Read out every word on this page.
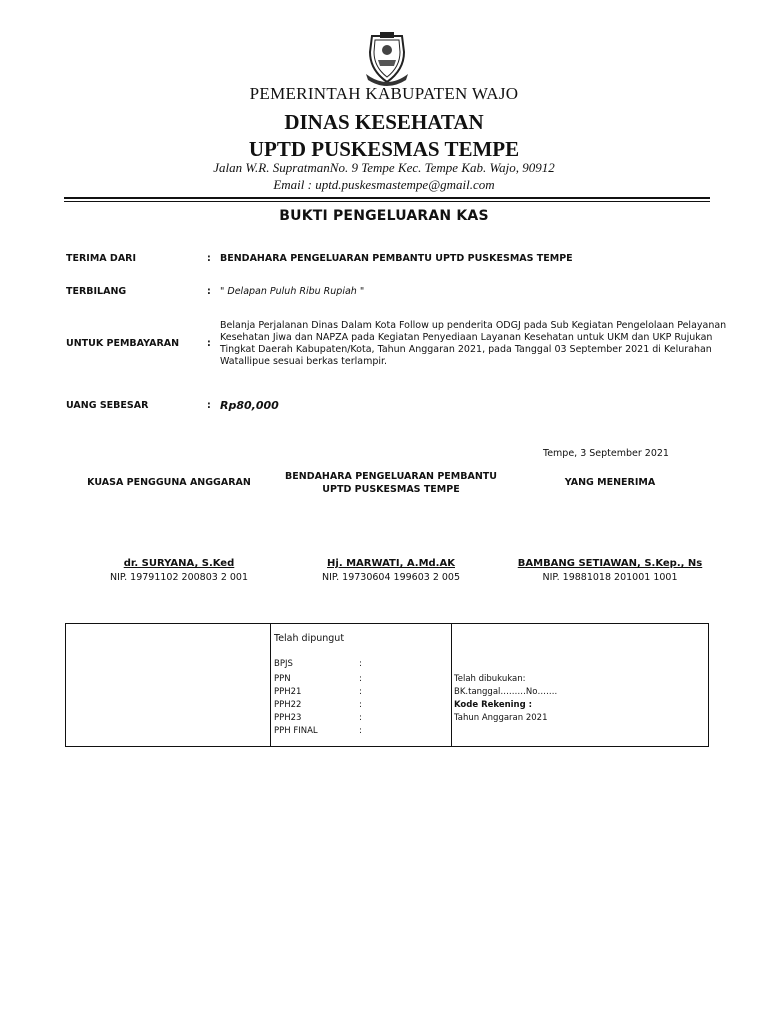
PEMERINTAH KABUPATEN WAJO
DINAS KESEHATAN
UPTD PUSKESMAS TEMPE
Jalan W.R. SupratmanNo. 9 Tempe Kec. Tempe Kab. Wajo, 90912
Email : uptd.puskesmastempe@gmail.com
BUKTI PENGELUARAN KAS
TERIMA DARI	: BENDAHARA PENGELUARAN PEMBANTU UPTD PUSKESMAS TEMPE
TERBILANG	: " Delapan Puluh Ribu Rupiah "
UNTUK PEMBAYARAN	:
Belanja Perjalanan Dinas Dalam Kota Follow up penderita ODGJ pada Sub Kegiatan Pengelolaan Pelayanan Kesehatan Jiwa dan NAPZA pada Kegiatan Penyediaan Layanan Kesehatan untuk UKM dan UKP Rujukan Tingkat Daerah Kabupaten/Kota, Tahun Anggaran 2021, pada Tanggal 03 September 2021 di Kelurahan Watallipue sesuai berkas terlampir.
UANG SEBESAR	: Rp80,000
Tempe, 3 September 2021
KUASA PENGGUNA ANGGARAN
BENDAHARA PENGELUARAN PEMBANTU
UPTD PUSKESMAS TEMPE
YANG MENERIMA
dr. SURYANA, S.Ked	Hj. MARWATI, A.Md.AK	BAMBANG SETIAWAN, S.Kep., Ns
NIP. 19791102 200803 2 001	NIP. 19730604 199603 2 005	NIP. 19881018 201001 1001
Telah dipungut
BPJS	:
PPN	:
PPH21	:
PPH22	:
PPH23	:
PPH FINAL	:
Telah dibukukan:
BK.tanggal………No…….
Kode Rekening :
Tahun Anggaran 2021
